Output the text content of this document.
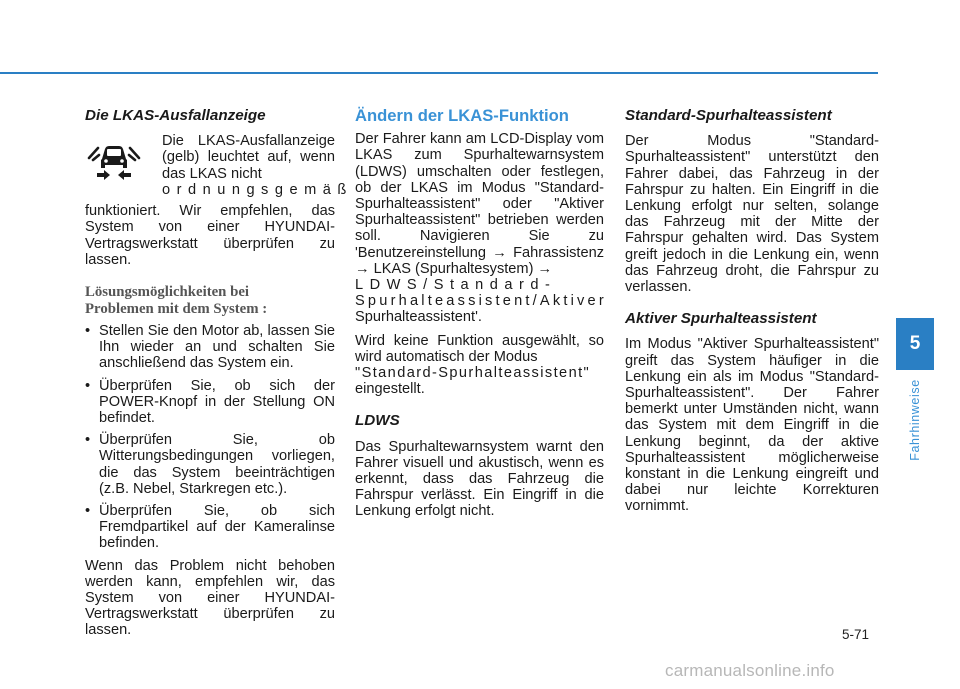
Die LKAS-Ausfallanzeige

Die LKAS-Ausfallanzeige (gelb) leuchtet auf, wenn das LKAS nicht

ordnungsgemäß

funktioniert. Wir empfehlen, das System von einer HYUNDAI-Vertragswerkstatt überprüfen zu lassen.

Lösungsmöglichkeiten bei
Problemen mit dem System :
• Stellen Sie den Motor ab, lassen Sie Ihn wieder an und schalten Sie anschließend das System ein.
• Überprüfen Sie, ob sich der POWER-Knopf in der Stellung ON befindet.
• Überprüfen Sie, ob Witterungsbedingungen vorliegen, die das System beeinträchtigen (z.B. Nebel, Starkregen etc.).
• Überprüfen Sie, ob sich Fremdpartikel auf der Kameralinse befinden.

Wenn das Problem nicht behoben werden kann, empfehlen wir, das System von einer HYUNDAI-Vertragswerkstatt überprüfen zu lassen.

Ändern der LKAS-Funktion

Der Fahrer kann am LCD-Display vom LKAS zum Spurhaltewarnsystem (LDWS) umschalten oder festlegen, ob der LKAS im Modus "Standard-Spurhalteassistent" oder "Aktiver Spurhalteassistent" betrieben werden soll. Navigieren Sie zu 'Benutzereinstellung → Fahrassistenz → LKAS (Spurhaltesystem) →

LDWS/Standard-

Spurhalteassistent/Aktiver

Spurhalteassistent'.

Wird keine Funktion ausgewählt, so wird automatisch der Modus

"Standard-Spurhalteassistent"

eingestellt.

LDWS

Das Spurhaltewarnsystem warnt den Fahrer visuell und akustisch, wenn es erkennt, dass das Fahrzeug die Fahrspur verlässt. Ein Eingriff in die Lenkung erfolgt nicht.

Standard-Spurhalteassistent

Der Modus "Standard-Spurhalteassistent" unterstützt den Fahrer dabei, das Fahrzeug in der Fahrspur zu halten. Ein Eingriff in die Lenkung erfolgt nur selten, solange das Fahrzeug mit der Mitte der Fahrspur gehalten wird. Das System greift jedoch in die Lenkung ein, wenn das Fahrzeug droht, die Fahrspur zu verlassen.

Aktiver Spurhalteassistent

Im Modus "Aktiver Spurhalteassistent" greift das System häufiger in die Lenkung ein als im Modus "Standard-Spurhalteassistent". Der Fahrer bemerkt unter Umständen nicht, wann das System mit dem Eingriff in die Lenkung beginnt, da der aktive Spurhalteassistent möglicherweise konstant in die Lenkung eingreift und dabei nur leichte Korrekturen vornimmt.

5
Fahrhinweise
5-71
carmanualsonline.info
